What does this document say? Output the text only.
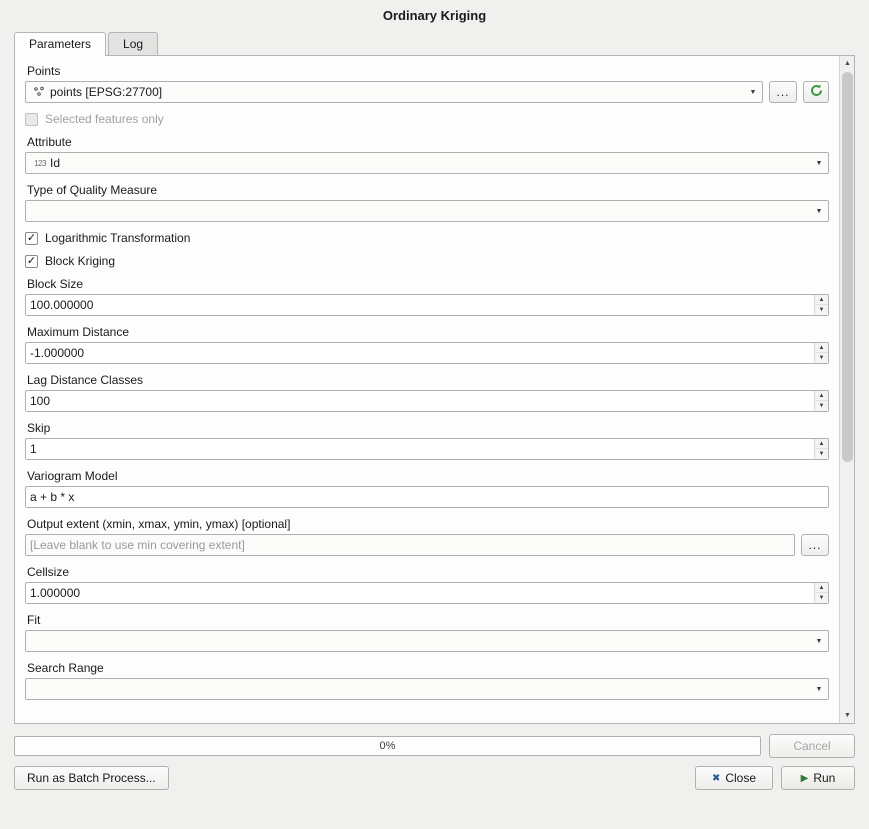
Ordinary Kriging
Parameters	Log
Points
points [EPSG:27700]	▼	...
Selected features only
Attribute
123 Id	▼
Type of Quality Measure
▼
✓
Logarithmic Transformation
✓
Block Kriging
Block Size
100.000000	▲
▼
Maximum Distance
-1.000000	▲
▼
Lag Distance Classes
100	▲
▼
Skip
1	▲
▼
Variogram Model
a + b * x
Output extent (xmin, xmax, ymin, ymax) [optional]
[Leave blank to use min covering extent]	...
Cellsize
1.000000	▲
▼
Fit
▼
Search Range
▼
▲
▼
0%	Cancel
Run as Batch Process...	✖ Close	▶ Run
